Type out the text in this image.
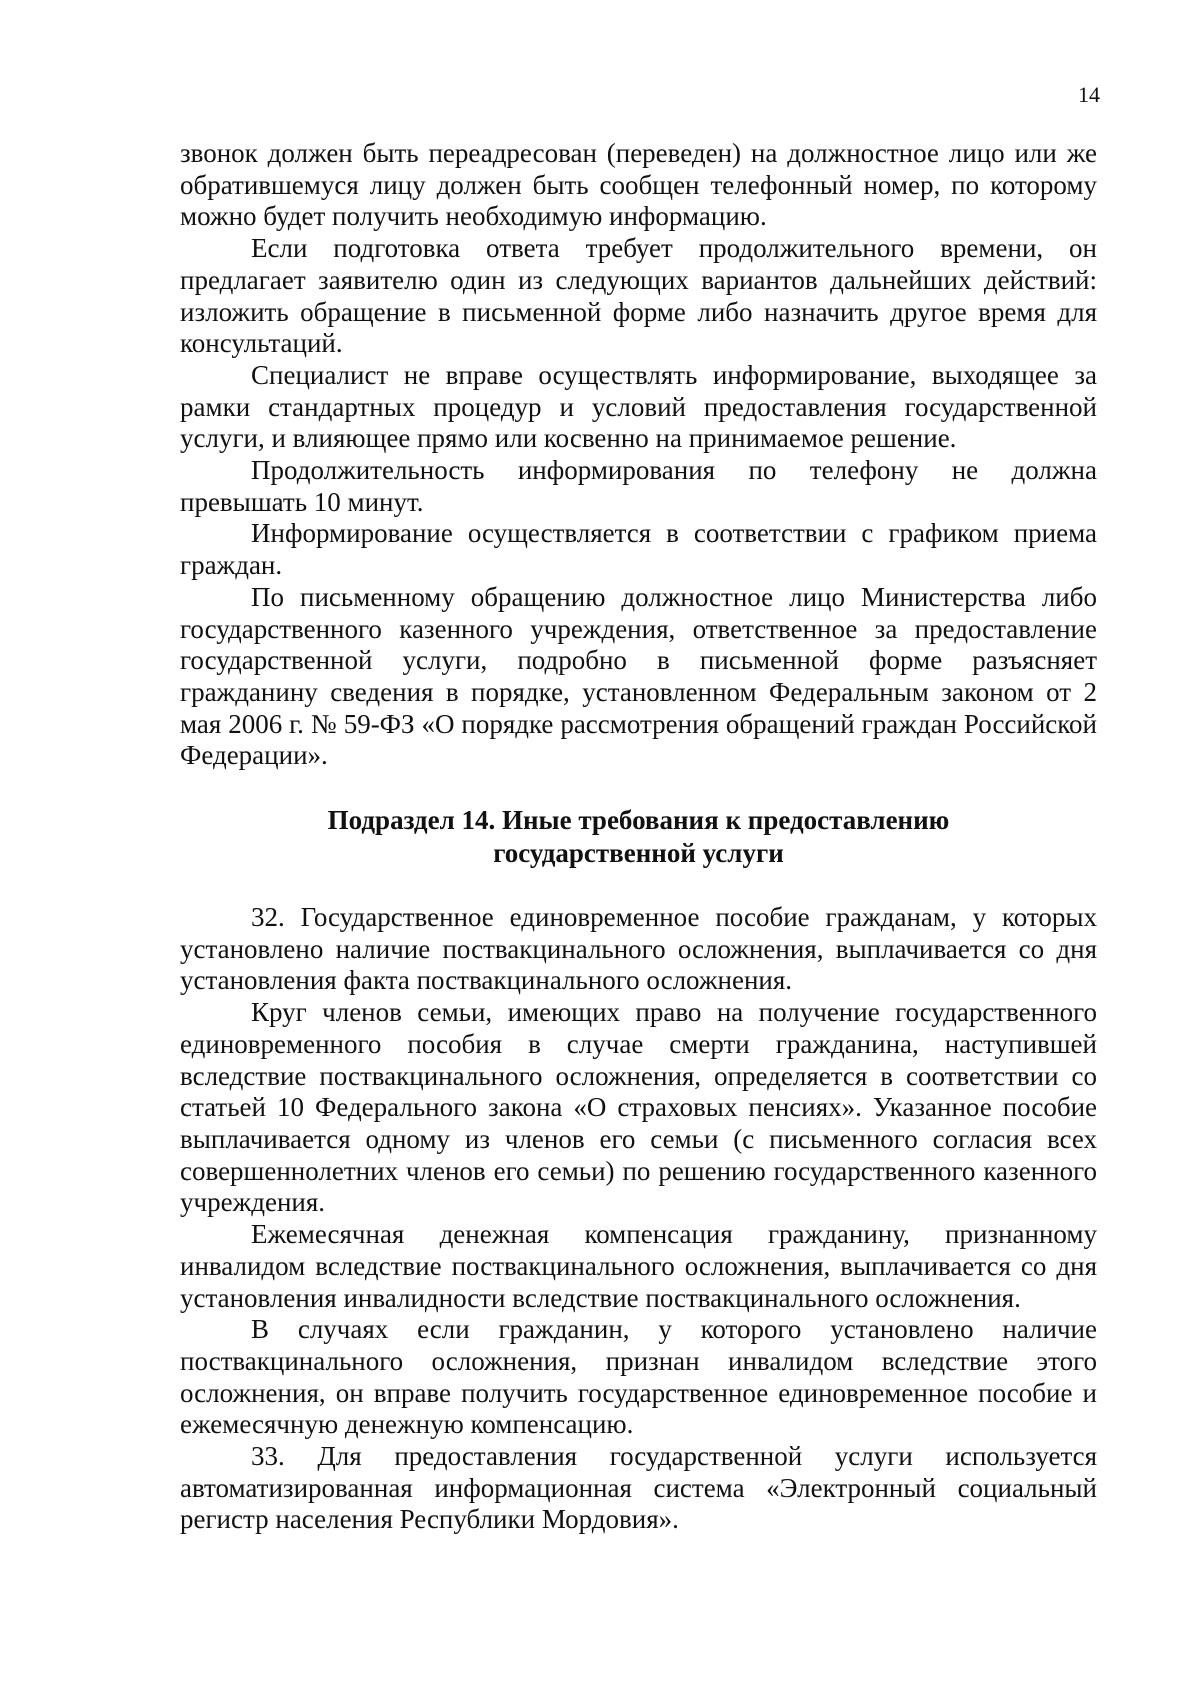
14

звонок должен быть переадресован (переведен) на должностное лицо или же обратившемуся лицу должен быть сообщен телефонный номер, по которому можно будет получить необходимую информацию.

Если подготовка ответа требует продолжительного времени, он предлагает заявителю один из следующих вариантов дальнейших действий: изложить обращение в письменной форме либо назначить другое время для консультаций.

Специалист не вправе осуществлять информирование, выходящее за рамки стандартных процедур и условий предоставления государственной услуги, и влияющее прямо или косвенно на принимаемое решение.

Продолжительность информирования по телефону не должна превышать 10 минут.

Информирование осуществляется в соответствии с графиком приема граждан.

По письменному обращению должностное лицо Министерства либо государственного казенного учреждения, ответственное за предоставление государственной услуги, подробно в письменной форме разъясняет гражданину сведения в порядке, установленном Федеральным законом от 2 мая 2006 г. № 59-ФЗ «О порядке рассмотрения обращений граждан Российской Федерации».

Подраздел 14. Иные требования к предоставлению
государственной услуги

32. Государственное единовременное пособие гражданам, у которых установлено наличие поствакцинального осложнения, выплачивается со дня установления факта поствакцинального осложнения.

Круг членов семьи, имеющих право на получение государственного единовременного пособия в случае смерти гражданина, наступившей вследствие поствакцинального осложнения, определяется в соответствии со статьей 10 Федерального закона «О страховых пенсиях». Указанное пособие выплачивается одному из членов его семьи (с письменного согласия всех совершеннолетних членов его семьи) по решению государственного казенного учреждения.

Ежемесячная денежная компенсация гражданину, признанному инвалидом вследствие поствакцинального осложнения, выплачивается со дня установления инвалидности вследствие поствакцинального осложнения.

В случаях если гражданин, у которого установлено наличие поствакцинального осложнения, признан инвалидом вследствие этого осложнения, он вправе получить государственное единовременное пособие и ежемесячную денежную компенсацию.

33. Для предоставления государственной услуги используется автоматизированная информационная система «Электронный социальный регистр населения Республики Мордовия».
